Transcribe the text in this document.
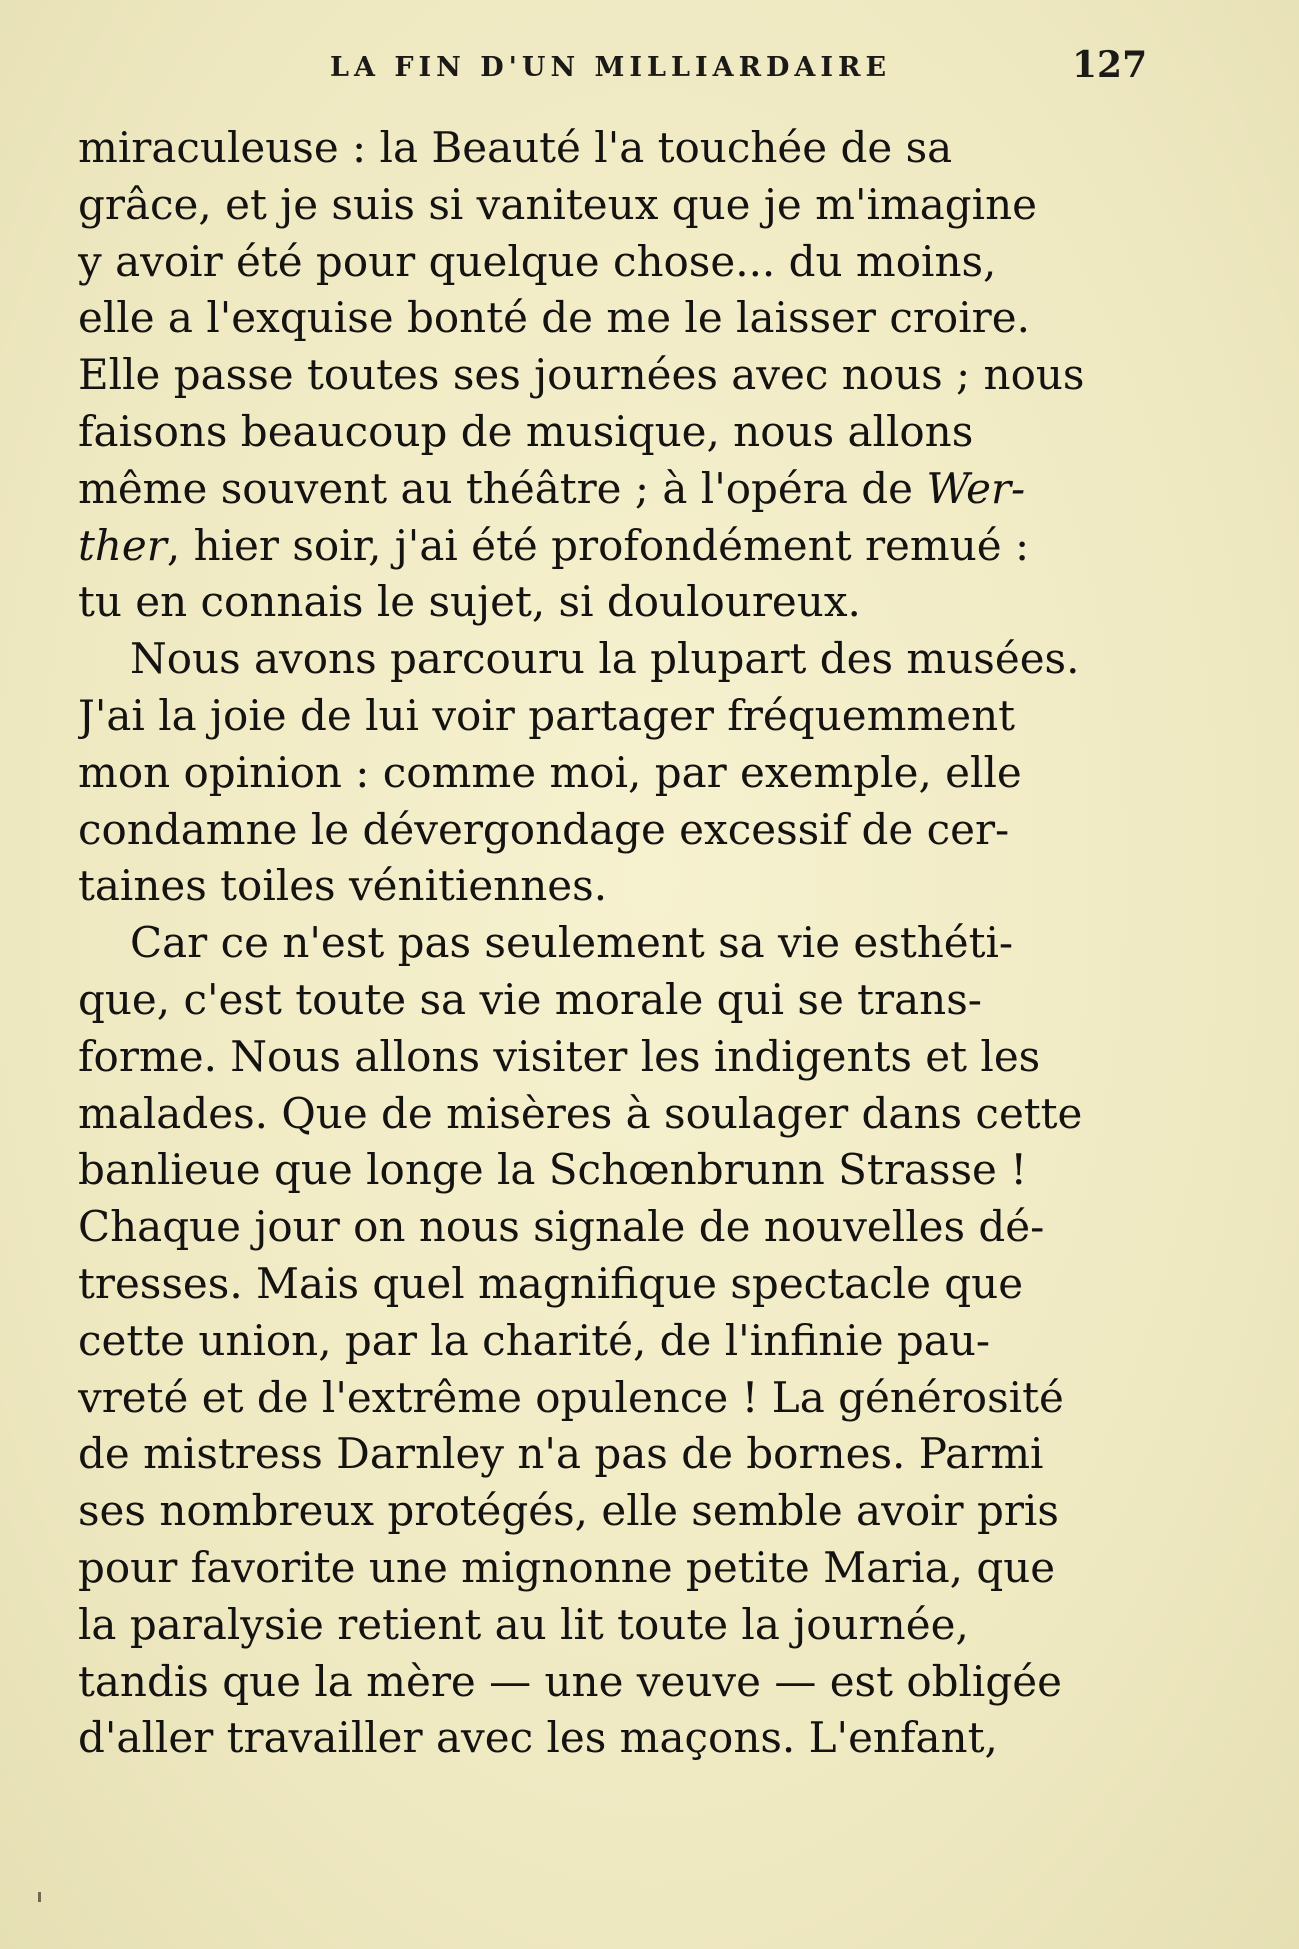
LA FIN D'UN MILLIARDAIRE	127
miraculeuse : la Beauté l'a touchée de sa
grâce, et je suis si vaniteux que je m'imagine
y avoir été pour quelque chose... du moins,
elle a l'exquise bonté de me le laisser croire.
Elle passe toutes ses journées avec nous ; nous
faisons beaucoup de musique, nous allons
même souvent au théâtre ; à l'opéra de Wer-
ther, hier soir, j'ai été profondément remué :
tu en connais le sujet, si douloureux.
Nous avons parcouru la plupart des musées.
J'ai la joie de lui voir partager fréquemment
mon opinion : comme moi, par exemple, elle
condamne le dévergondage excessif de cer-
taines toiles vénitiennes.
Car ce n'est pas seulement sa vie esthéti-
que, c'est toute sa vie morale qui se trans-
forme. Nous allons visiter les indigents et les
malades. Que de misères à soulager dans cette
banlieue que longe la Schœnbrunn Strasse !
Chaque jour on nous signale de nouvelles dé-
tresses. Mais quel magnifique spectacle que
cette union, par la charité, de l'infinie pau-
vreté et de l'extrême opulence ! La générosité
de mistress Darnley n'a pas de bornes. Parmi
ses nombreux protégés, elle semble avoir pris
pour favorite une mignonne petite Maria, que
la paralysie retient au lit toute la journée,
tandis que la mère — une veuve — est obligée
d'aller travailler avec les maçons. L'enfant,
